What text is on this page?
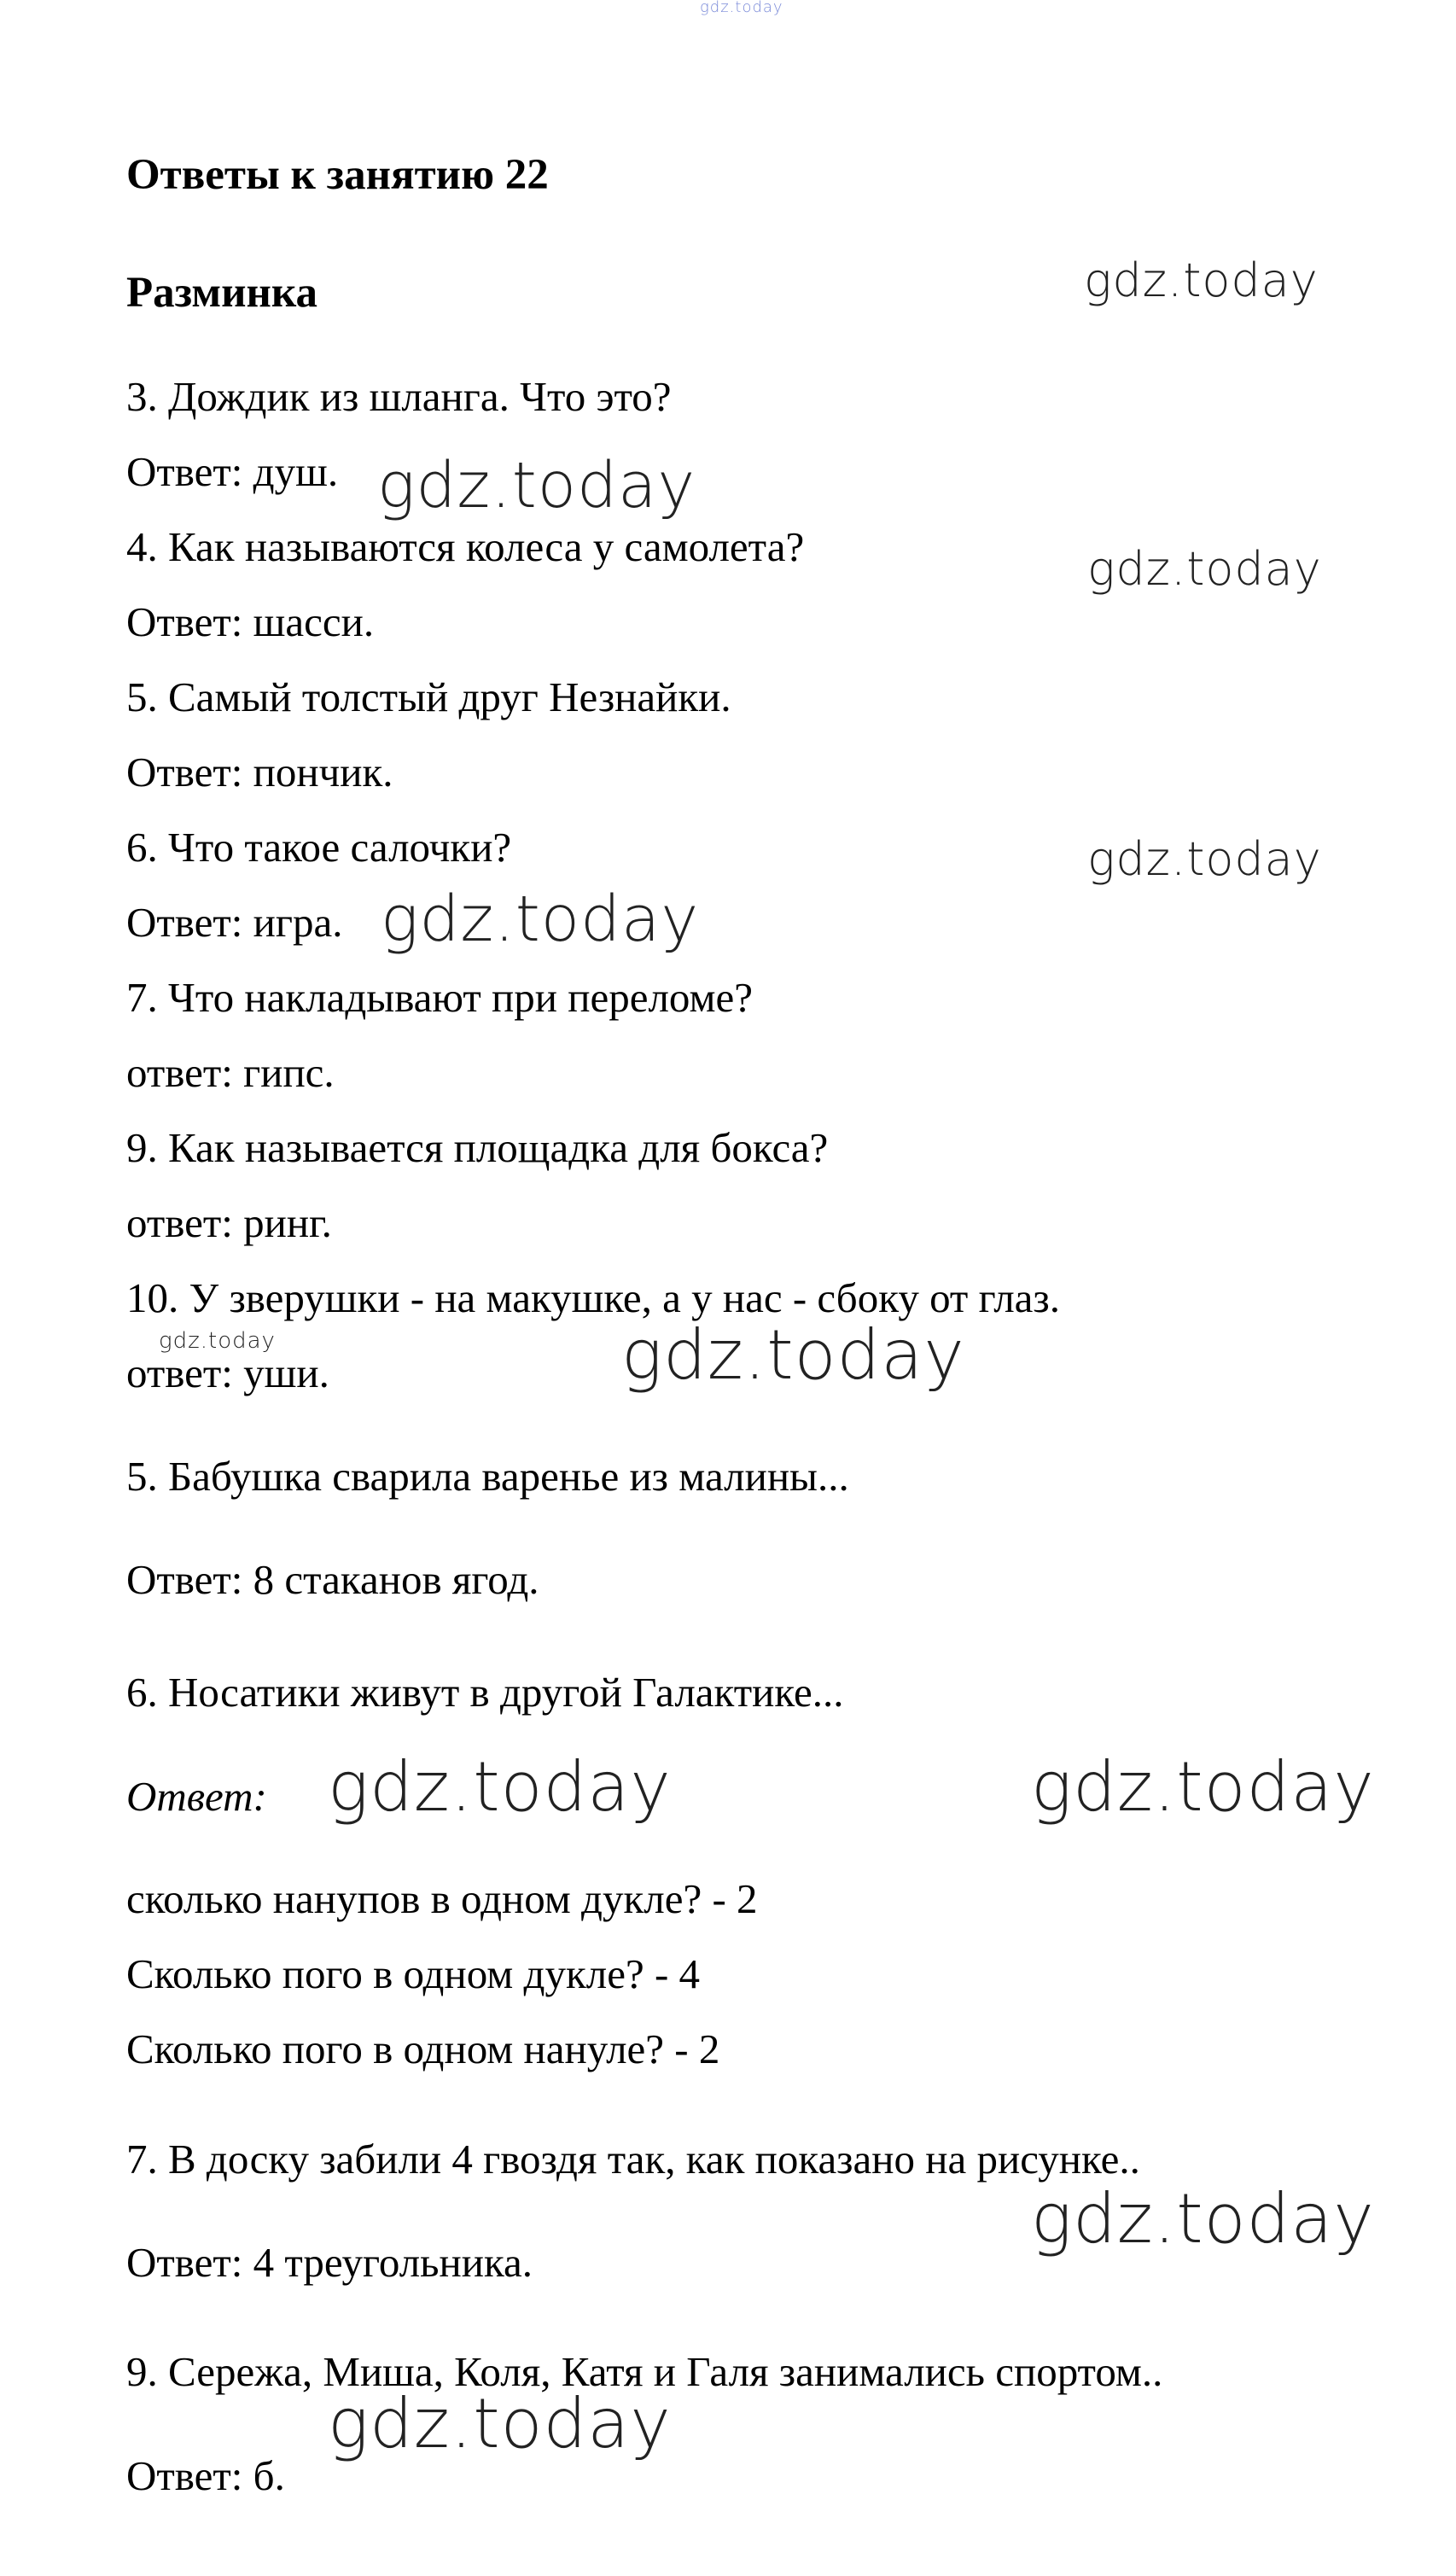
gdz.today
Ответы к занятию 22
Разминка
3. Дождик из шланга. Что это?
Ответ: душ.
4. Как называются колеса у самолета?
Ответ: шасси.
5. Самый толстый друг Незнайки.
Ответ: пончик.
6. Что такое салочки?
Ответ: игра.
7. Что накладывают при переломе?
ответ: гипс.
9. Как называется площадка для бокса?
ответ: ринг.
10. У зверушки - на макушке, а у нас - сбоку от глаз.
ответ: уши.
5. Бабушка сварила варенье из малины...
Ответ: 8 стаканов ягод.
6. Носатики живут в другой Галактике...
Ответ:
сколько нанупов в одном дукле? - 2
Сколько пого в одном дукле? - 4
Сколько пого в одном нануле? - 2
7. В доску забили 4 гвоздя так, как показано на рисунке..
Ответ: 4 треугольника.
9. Сережа, Миша, Коля, Катя и Галя занимались спортом..
Ответ: б.
gdz.today
gdz.today
gdz.today
gdz.today
gdz.today
gdz.today	gdz.today
gdz.today	gdz.today
gdz.today
gdz.today
